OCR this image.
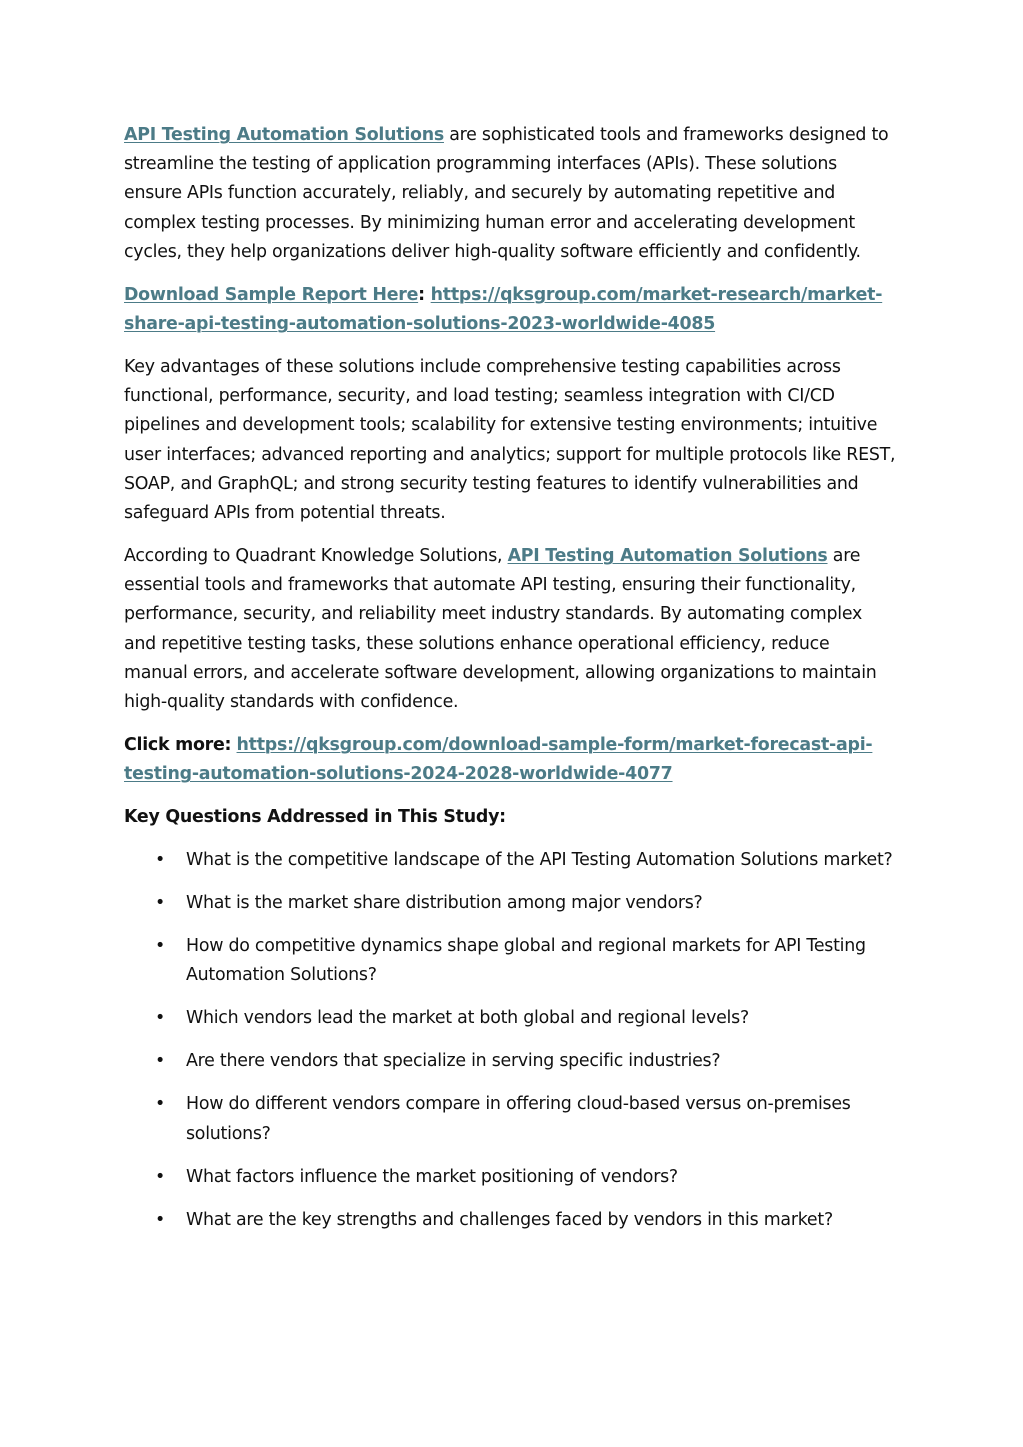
API Testing Automation Solutions are sophisticated tools and frameworks designed to streamline the testing of application programming interfaces (APIs). These solutions ensure APIs function accurately, reliably, and securely by automating repetitive and complex testing processes. By minimizing human error and accelerating development cycles, they help organizations deliver high-quality software efficiently and confidently.

Download Sample Report Here: https://qksgroup.com/market-research/market-share-api-testing-automation-solutions-2023-worldwide-4085

Key advantages of these solutions include comprehensive testing capabilities across functional, performance, security, and load testing; seamless integration with CI/CD pipelines and development tools; scalability for extensive testing environments; intuitive user interfaces; advanced reporting and analytics; support for multiple protocols like REST, SOAP, and GraphQL; and strong security testing features to identify vulnerabilities and safeguard APIs from potential threats.

According to Quadrant Knowledge Solutions, API Testing Automation Solutions are essential tools and frameworks that automate API testing, ensuring their functionality, performance, security, and reliability meet industry standards. By automating complex and repetitive testing tasks, these solutions enhance operational efficiency, reduce manual errors, and accelerate software development, allowing organizations to maintain high-quality standards with confidence.

Click more: https://qksgroup.com/download-sample-form/market-forecast-api-testing-automation-solutions-2024-2028-worldwide-4077

Key Questions Addressed in This Study:

• What is the competitive landscape of the API Testing Automation Solutions market?
• What is the market share distribution among major vendors?
• How do competitive dynamics shape global and regional markets for API Testing Automation Solutions?
• Which vendors lead the market at both global and regional levels?
• Are there vendors that specialize in serving specific industries?
• How do different vendors compare in offering cloud-based versus on-premises solutions?
• What factors influence the market positioning of vendors?
• What are the key strengths and challenges faced by vendors in this market?
